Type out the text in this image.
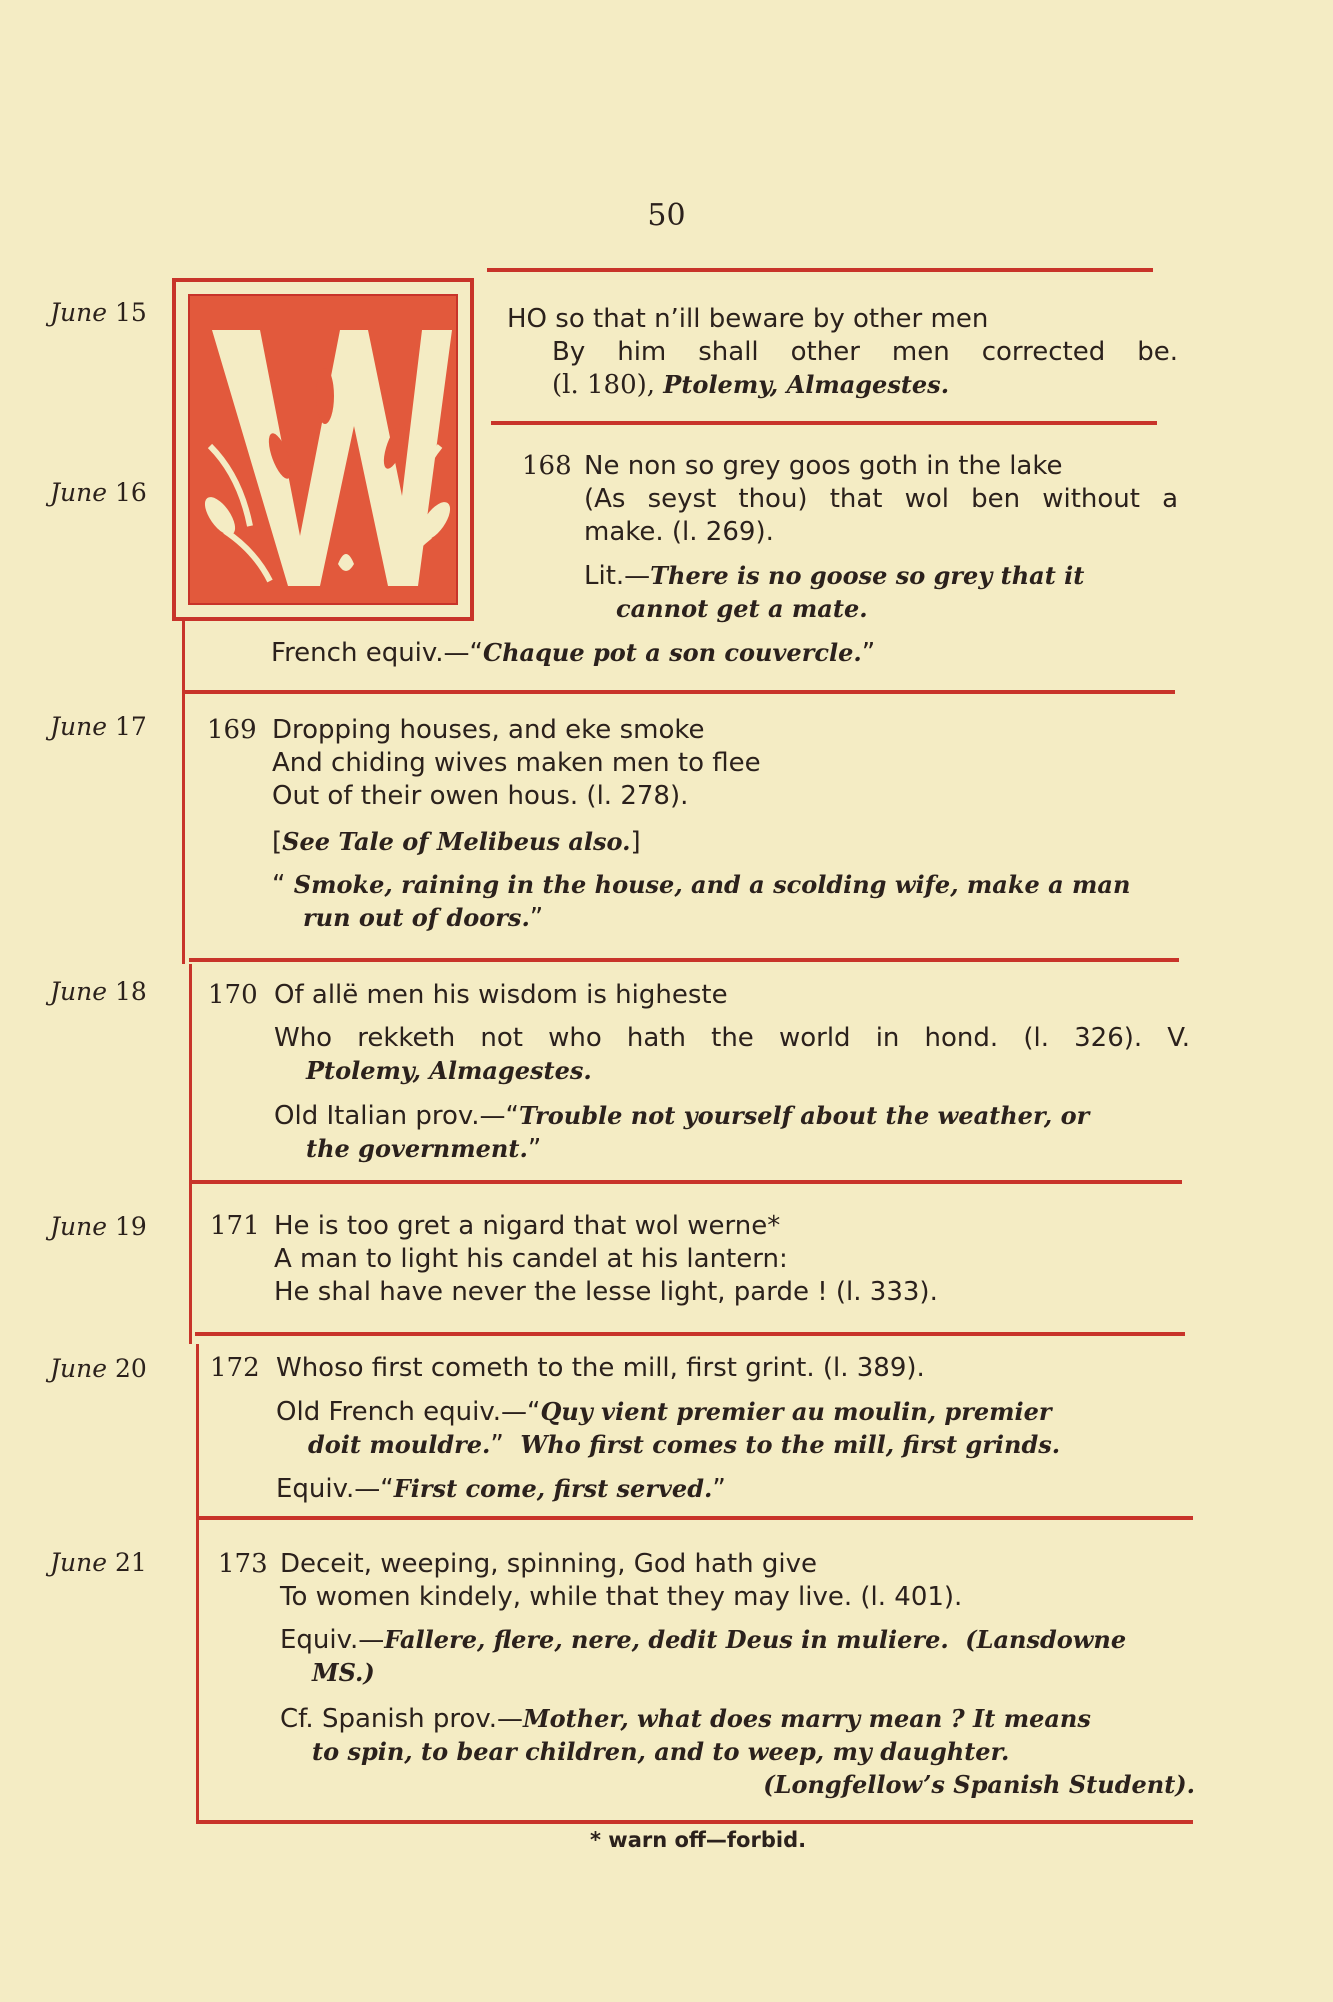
50
June 15
June 16
June 17
June 18
June 19
June 20
June 21
HO so that n’ill beware by other men
By him shall other men corrected be.
(l. 180), Ptolemy, Almagestes.
168 Ne non so grey goos goth in the lake
(As seyst thou) that wol ben without a
make. (l. 269).
Lit.—There is no goose so grey that it
cannot get a mate.
French equiv.—“Chaque pot a son couvercle.”
169 Dropping houses, and eke smoke
And chiding wives maken men to flee
Out of their owen hous. (l. 278).
[See Tale of Melibeus also.]
“ Smoke, raining in the house, and a scolding wife, make a man
run out of doors.”
170 Of allë men his wisdom is higheste
Who rekketh not who hath the world in hond. (l. 326). V.
Ptolemy, Almagestes.
Old Italian prov.—“Trouble not yourself about the weather, or
the government.”
171 He is too gret a nigard that wol werne*
A man to light his candel at his lantern:
He shal have never the lesse light, parde ! (l. 333).
172 Whoso first cometh to the mill, first grint. (l. 389).
Old French equiv.—“Quy vient premier au moulin, premier
doit mouldre.” Who first comes to the mill, first grinds.
Equiv.—“First come, first served.”
173 Deceit, weeping, spinning, God hath give
To women kindely, while that they may live. (l. 401).
Equiv.—Fallere, flere, nere, dedit Deus in muliere. (Lansdowne
MS.)
Cf. Spanish prov.—Mother, what does marry mean ? It means
to spin, to bear children, and to weep, my daughter.
(Longfellow’s Spanish Student).
* warn off—forbid.
